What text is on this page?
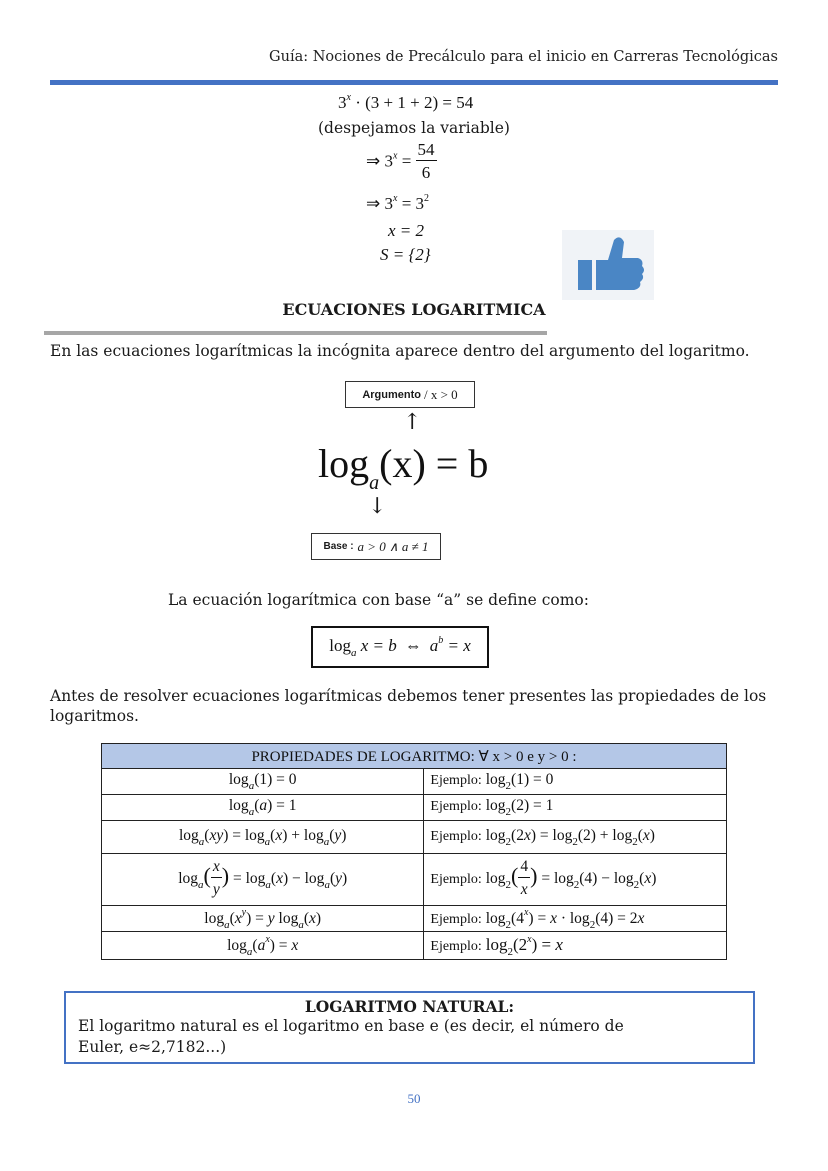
Guía: Nociones de Precálculo para el inicio en Carreras Tecnológicas
$3^x \cdot (3 + 1 + 2) = 54$
(despejamos la variable)
⇒ $3^x = \frac{54}{6}$
⇒ $3^x = 3^2$
x = 2
S = {2}
ECUACIONES LOGARITMICA
En las ecuaciones logarítmicas la incógnita aparece dentro del argumento del logaritmo.
Argumento / x > 0
↑
$\log_a(x) = b$
↓
Base : a > 0 ∧ a ≠ 1
La ecuación logarítmica con base “a” se define como:
$\log_a x = b$ ⇔ $a^b = x$
Antes de resolver ecuaciones logarítmicas debemos tener presentes las propiedades de los logaritmos.
PROPIEDADES DE LOGARITMO: ∀ x > 0 e y > 0 :	
$\log_a(1) = 0$	Ejemplo: $\log_2(1) = 0$
$\log_a(a) = 1$	Ejemplo: $\log_2(2) = 1$
$\log_a(xy) = \log_a(x) + \log_a(y)$	Ejemplo: $\log_2(2x) = \log_2(2) + \log_2(x)$
$\log_a( \frac{x}{y}$ ) = $\log_a(x) - \log_a(y)$	Ejemplo: $\log_2( \frac{4}{x}$ ) = $\log_2(4) - \log_2(x)$
$\log_a(x^y) = y$ $\log_a(x)$	Ejemplo: $\log_2(4^x) = x \cdot \log_2(4) = 2x$
$\log_a(a^x) = x$	Ejemplo: $\log_2(2^x) = x$
LOGARITMO NATURAL:
El logaritmo natural es el logaritmo en base e (es decir, el número de Euler, e≈2,7182...)
50
